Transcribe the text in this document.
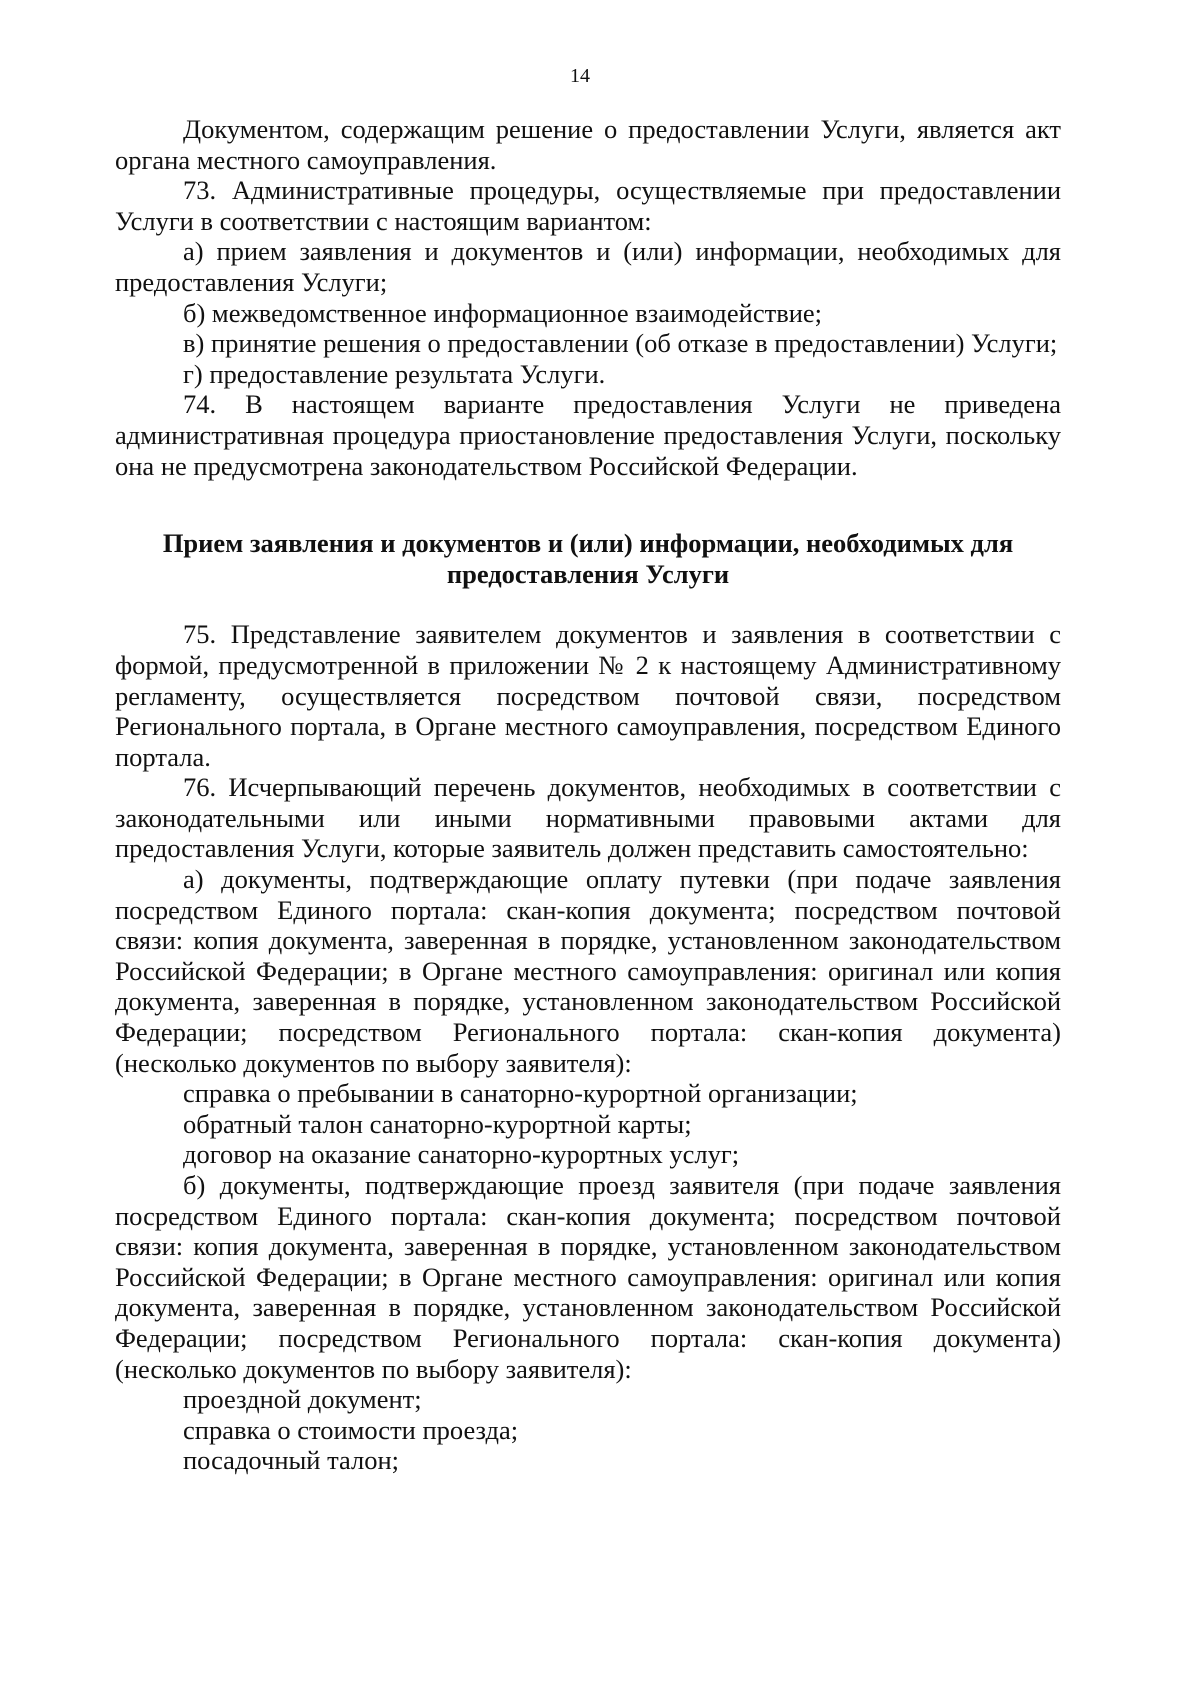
14

Документом, содержащим решение о предоставлении Услуги, является акт органа местного самоуправления.

73. Административные процедуры, осуществляемые при предоставлении Услуги в соответствии с настоящим вариантом:

а) прием заявления и документов и (или) информации, необходимых для предоставления Услуги;

б) межведомственное информационное взаимодействие;

в) принятие решения о предоставлении (об отказе в предоставлении) Услуги;

г) предоставление результата Услуги.

74. В настоящем варианте предоставления Услуги не приведена административная процедура приостановление предоставления Услуги, поскольку она не предусмотрена законодательством Российской Федерации.

Прием заявления и документов и (или) информации, необходимых для
предоставления Услуги

75. Представление заявителем документов и заявления в соответствии с формой, предусмотренной в приложении № 2 к настоящему Административному регламенту, осуществляется посредством почтовой связи, посредством Регионального портала, в Органе местного самоуправления, посредством Единого портала.

76. Исчерпывающий перечень документов, необходимых в соответствии с законодательными или иными нормативными правовыми актами для предоставления Услуги, которые заявитель должен представить самостоятельно:

а) документы, подтверждающие оплату путевки (при подаче заявления посредством Единого портала: скан-копия документа; посредством почтовой связи: копия документа, заверенная в порядке, установленном законодательством Российской Федерации; в Органе местного самоуправления: оригинал или копия документа, заверенная в порядке, установленном законодательством Российской Федерации; посредством Регионального портала: скан-копия документа) (несколько документов по выбору заявителя):

справка о пребывании в санаторно-курортной организации;

обратный талон санаторно-курортной карты;

договор на оказание санаторно-курортных услуг;

б) документы, подтверждающие проезд заявителя (при подаче заявления посредством Единого портала: скан-копия документа; посредством почтовой связи: копия документа, заверенная в порядке, установленном законодательством Российской Федерации; в Органе местного самоуправления: оригинал или копия документа, заверенная в порядке, установленном законодательством Российской Федерации; посредством Регионального портала: скан-копия документа) (несколько документов по выбору заявителя):

проездной документ;

справка о стоимости проезда;

посадочный талон;
